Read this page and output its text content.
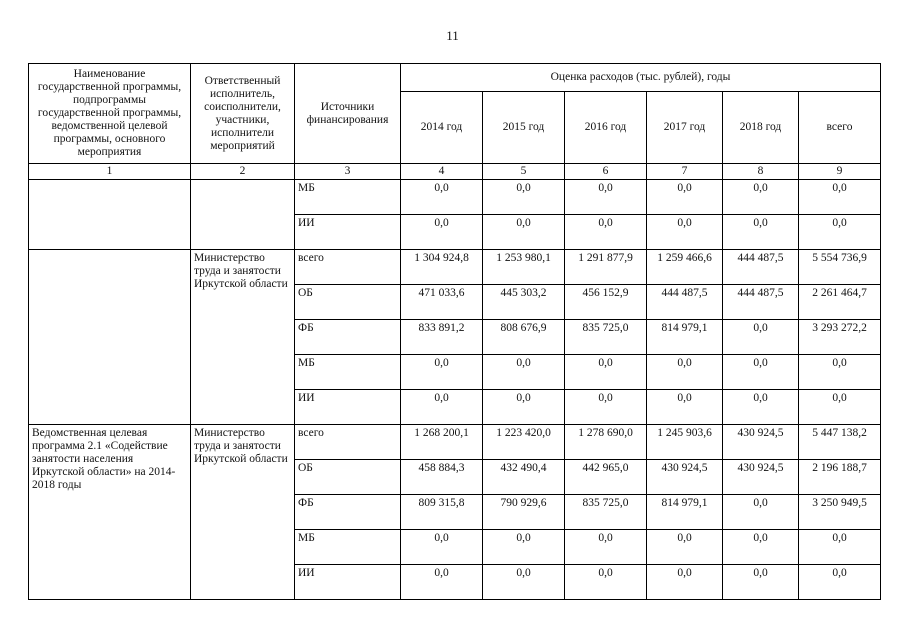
11
Наименование государственной программы, подпрограммы государственной программы, ведомственной целевой программы, основного мероприятия	Ответственный исполнитель, соисполнители, участники, исполнители мероприятий	Источники финансирования	Оценка расходов (тыс. рублей), годы					
			2014 год	2015 год	2016 год	2017 год	2018 год	всего
1	2	3	4	5	6	7	8	9
		МБ	0,0	0,0	0,0	0,0	0,0	0,0
		ИИ	0,0	0,0	0,0	0,0	0,0	0,0
	Министерство труда и занятости Иркутской области	всего	1 304 924,8	1 253 980,1	1 291 877,9	1 259 466,6	444 487,5	5 554 736,9
		ОБ	471 033,6	445 303,2	456 152,9	444 487,5	444 487,5	2 261 464,7
		ФБ	833 891,2	808 676,9	835 725,0	814 979,1	0,0	3 293 272,2
		МБ	0,0	0,0	0,0	0,0	0,0	0,0
		ИИ	0,0	0,0	0,0	0,0	0,0	0,0
Ведомственная целевая программа 2.1 «Содействие занятости населения Иркутской области» на 2014-2018 годы	Министерство труда и занятости Иркутской области	всего	1 268 200,1	1 223 420,0	1 278 690,0	1 245 903,6	430 924,5	5 447 138,2
		ОБ	458 884,3	432 490,4	442 965,0	430 924,5	430 924,5	2 196 188,7
		ФБ	809 315,8	790 929,6	835 725,0	814 979,1	0,0	3 250 949,5
		МБ	0,0	0,0	0,0	0,0	0,0	0,0
		ИИ	0,0	0,0	0,0	0,0	0,0	0,0
